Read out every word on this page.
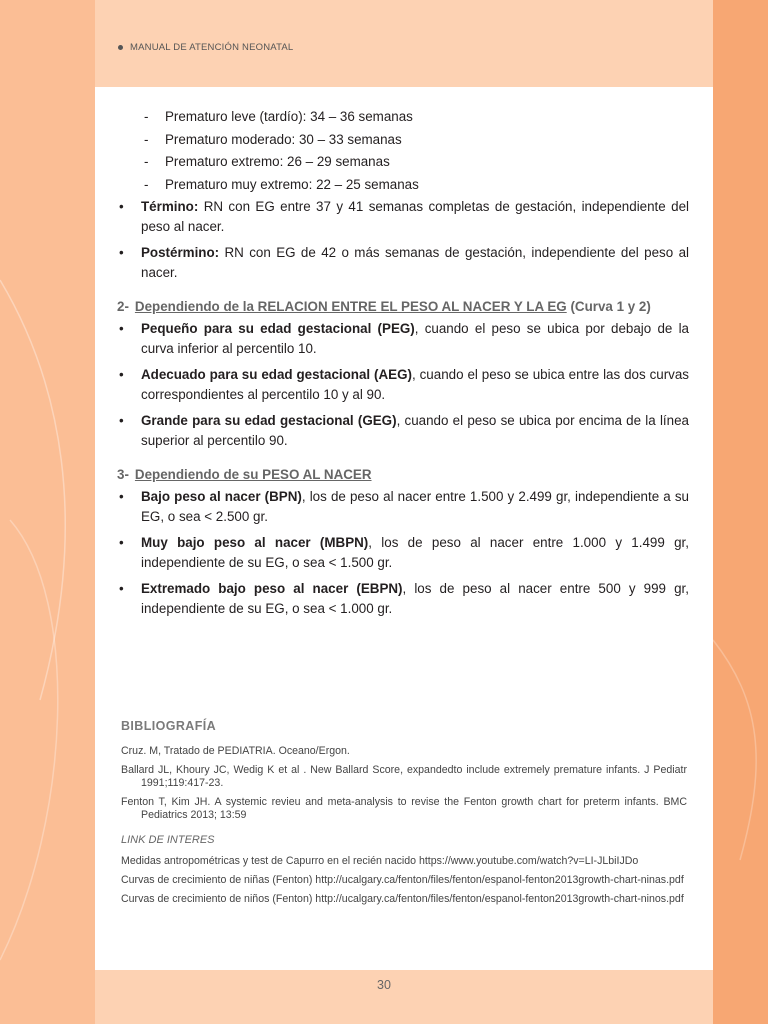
MANUAL DE ATENCIÓN NEONATAL
- Prematuro leve (tardío): 34 – 36 semanas
- Prematuro moderado: 30 – 33 semanas
- Prematuro extremo: 26 – 29 semanas
- Prematuro muy extremo: 22 – 25 semanas
• Término: RN con EG entre 37 y 41 semanas completas de gestación, independiente del peso al nacer.
• Postérmino: RN con EG de 42 o más semanas de gestación, independiente del peso al nacer.
2- Dependiendo de la RELACION ENTRE EL PESO AL NACER Y LA EG (Curva 1 y 2)
• Pequeño para su edad gestacional (PEG), cuando el peso se ubica por debajo de la curva inferior al percentilo 10.
• Adecuado para su edad gestacional (AEG), cuando el peso se ubica entre las dos curvas correspondientes al percentilo 10 y al 90.
• Grande para su edad gestacional (GEG), cuando el peso se ubica por encima de la línea superior al percentilo 90.
3- Dependiendo de su PESO AL NACER
• Bajo peso al nacer (BPN), los de peso al nacer entre 1.500 y 2.499 gr, independiente a su EG, o sea < 2.500 gr.
• Muy bajo peso al nacer (MBPN), los de peso al nacer entre 1.000 y 1.499 gr, independiente de su EG, o sea < 1.500 gr.
• Extremado bajo peso al nacer (EBPN), los de peso al nacer entre 500 y 999 gr, independiente de su EG, o sea < 1.000 gr.
BIBLIOGRAFÍA
Cruz. M, Tratado de PEDIATRIA. Oceano/Ergon.
Ballard JL, Khoury JC, Wedig K et al . New Ballard Score, expandedto include extremely premature infants. J Pediatr 1991;119:417-23.
Fenton T, Kim JH. A systemic revieu and meta-analysis to revise the Fenton growth chart for preterm infants. BMC Pediatrics 2013; 13:59
LINK DE INTERES
Medidas antropométricas y test de Capurro en el recién nacido https://www.youtube.com/watch?v=LI-JLbiIJDo
Curvas de crecimiento de niñas (Fenton) http://ucalgary.ca/fenton/files/fenton/espanol-fenton2013growth-chart-ninas.pdf
Curvas de crecimiento de niños (Fenton) http://ucalgary.ca/fenton/files/fenton/espanol-fenton2013growth-chart-ninos.pdf
30
